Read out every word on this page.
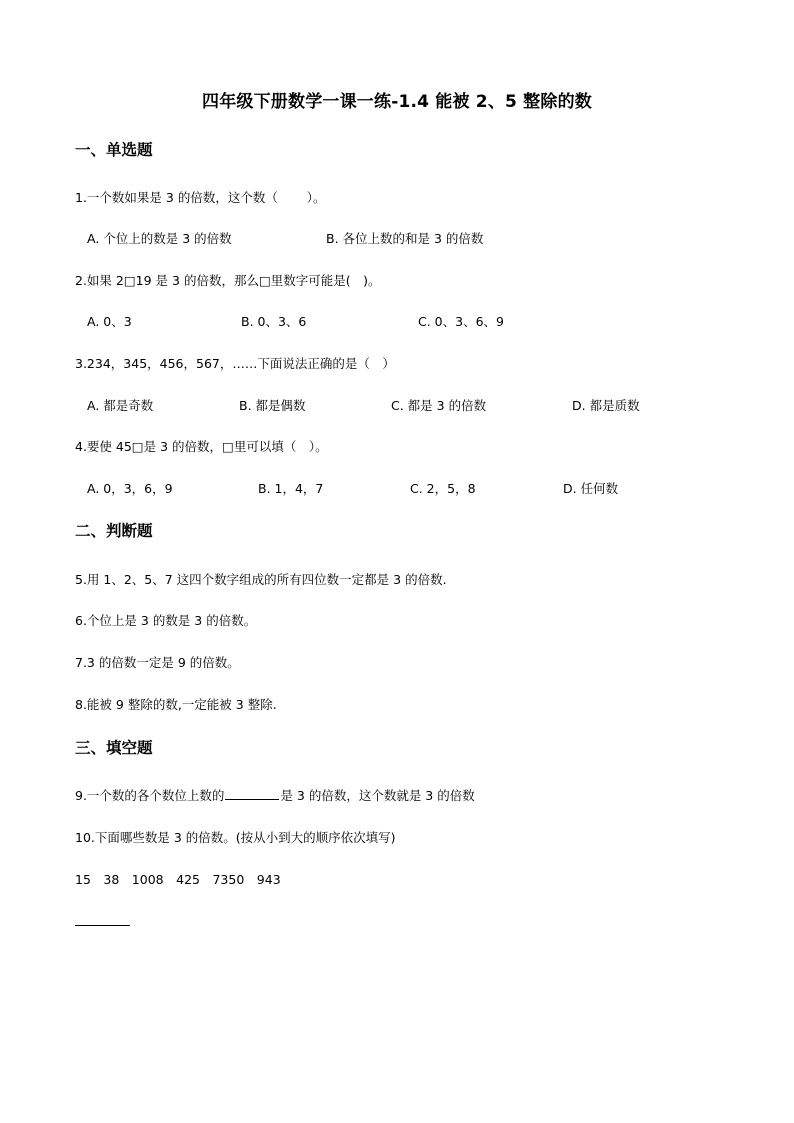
四年级下册数学一课一练-1.4 能被 2、5 整除的数
一、单选题
1.一个数如果是 3 的倍数，这个数（　　 ）。
A. 个位上的数是 3 的倍数	B. 各位上数的和是 3 的倍数
2.如果 2□19 是 3 的倍数，那么□里数字可能是(　)。
A. 0、3	B. 0、3、6	C. 0、3、6、9
3.234，345，456，567，……下面说法正确的是（　）
A. 都是奇数	B. 都是偶数	C. 都是 3 的倍数	D. 都是质数
4.要使 45□是 3 的倍数，□里可以填（　）。
A. 0，3，6，9	B. 1，4，7	C. 2，5，8	D. 任何数
二、判断题
5.用 1、2、5、7 这四个数字组成的所有四位数一定都是 3 的倍数.
6.个位上是 3 的数是 3 的倍数。
7.3 的倍数一定是 9 的倍数。
8.能被 9 整除的数,一定能被 3 整除.
三、填空题
9.一个数的各个数位上数的	是 3 的倍数，这个数就是 3 的倍数
10.下面哪些数是 3 的倍数。(按从小到大的顺序依次填写)
15　38　1008　425　7350　943
